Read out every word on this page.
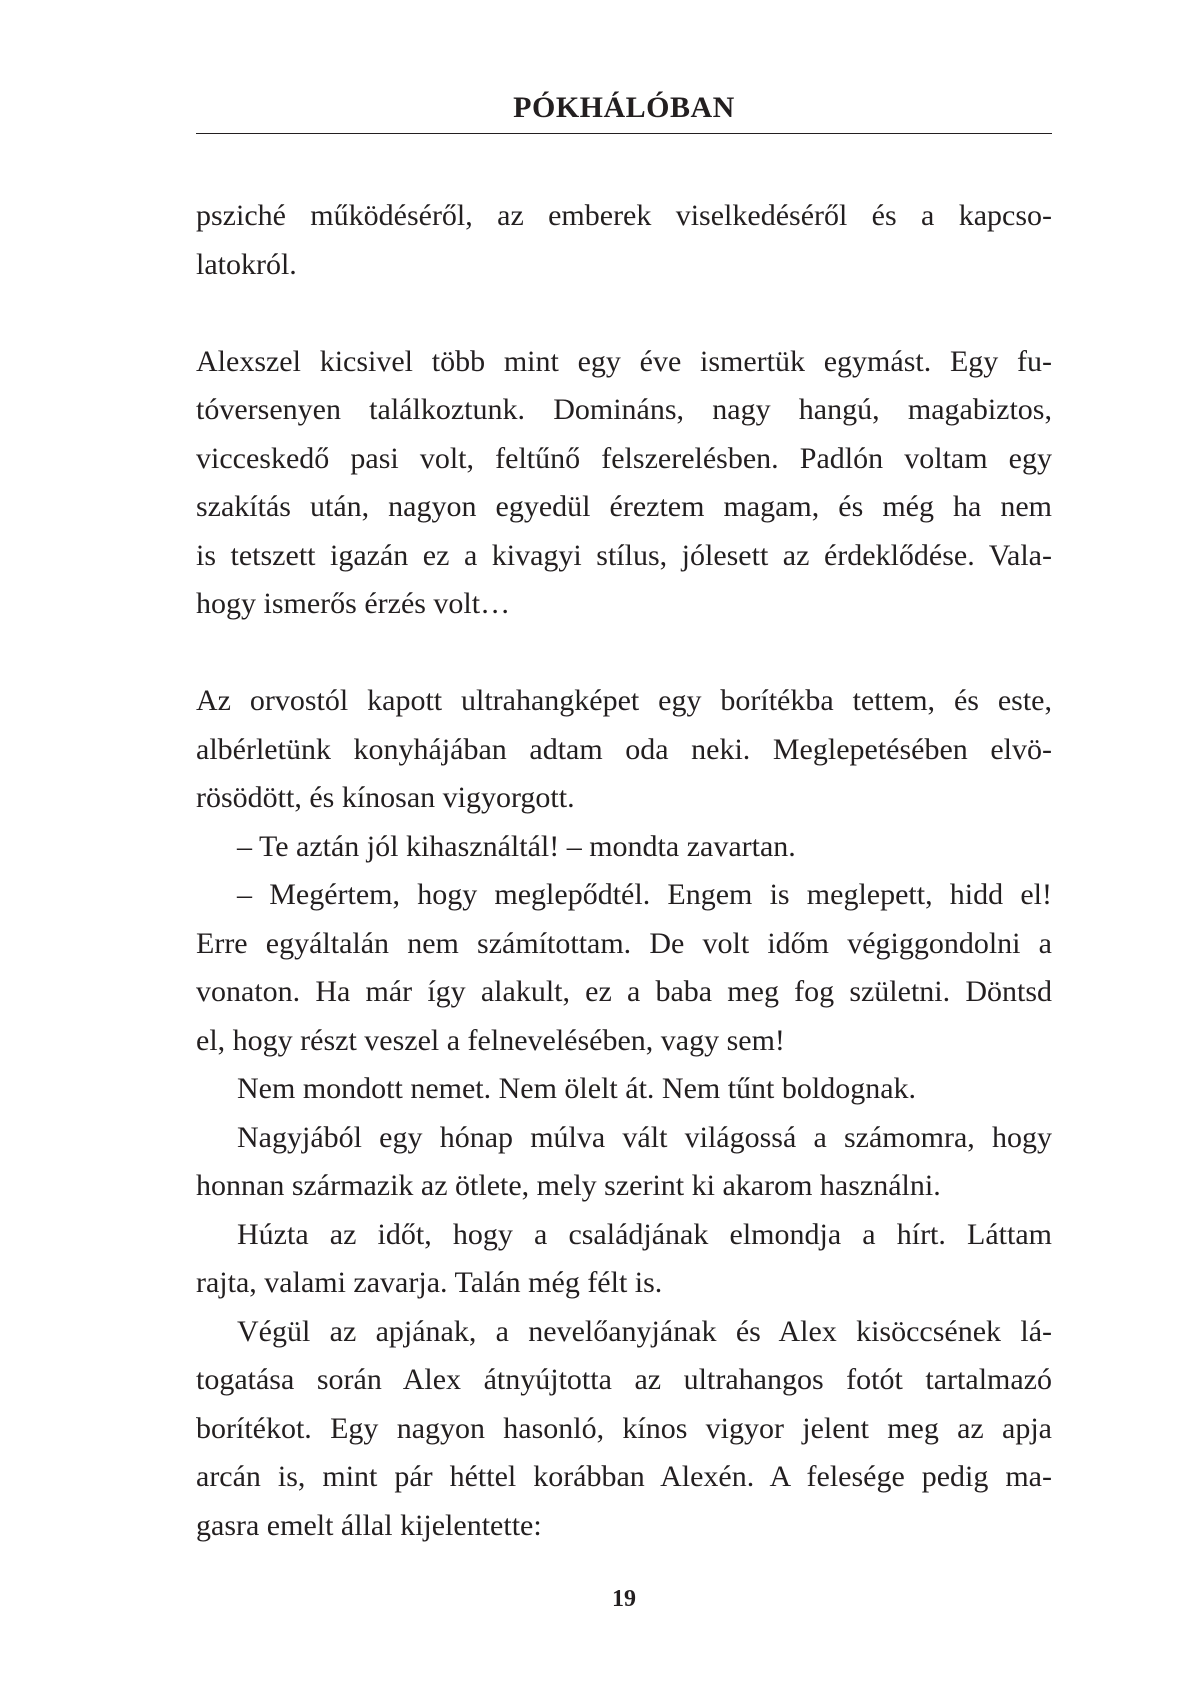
PÓKHÁLÓBAN

psziché működéséről, az emberek viselkedéséről és a kapcso-

latokról.

Alexszel kicsivel több mint egy éve ismertük egymást. Egy fu-

tóversenyen találkoztunk. Domináns, nagy hangú, magabiztos,

vicceskedő pasi volt, feltűnő felszerelésben. Padlón voltam egy

szakítás után, nagyon egyedül éreztem magam, és még ha nem

is tetszett igazán ez a kivagyi stílus, jólesett az érdeklődése. Vala-

hogy ismerős érzés volt…

Az orvostól kapott ultrahangképet egy borítékba tettem, és este,

albérletünk konyhájában adtam oda neki. Meglepetésében elvö-

rösödött, és kínosan vigyorgott.

– Te aztán jól kihasználtál! – mondta zavartan.

– Megértem, hogy meglepődtél. Engem is meglepett, hidd el!

Erre egyáltalán nem számítottam. De volt időm végiggondolni a

vonaton. Ha már így alakult, ez a baba meg fog születni. Döntsd

el, hogy részt veszel a felnevelésében, vagy sem!

Nem mondott nemet. Nem ölelt át. Nem tűnt boldognak.

Nagyjából egy hónap múlva vált világossá a számomra, hogy

honnan származik az ötlete, mely szerint ki akarom használni.

Húzta az időt, hogy a családjának elmondja a hírt. Láttam

rajta, valami zavarja. Talán még félt is.

Végül az apjának, a nevelőanyjának és Alex kisöccsének lá-

togatása során Alex átnyújtotta az ultrahangos fotót tartalmazó

borítékot. Egy nagyon hasonló, kínos vigyor jelent meg az apja

arcán is, mint pár héttel korábban Alexén. A felesége pedig ma-

gasra emelt állal kijelentette:

19
